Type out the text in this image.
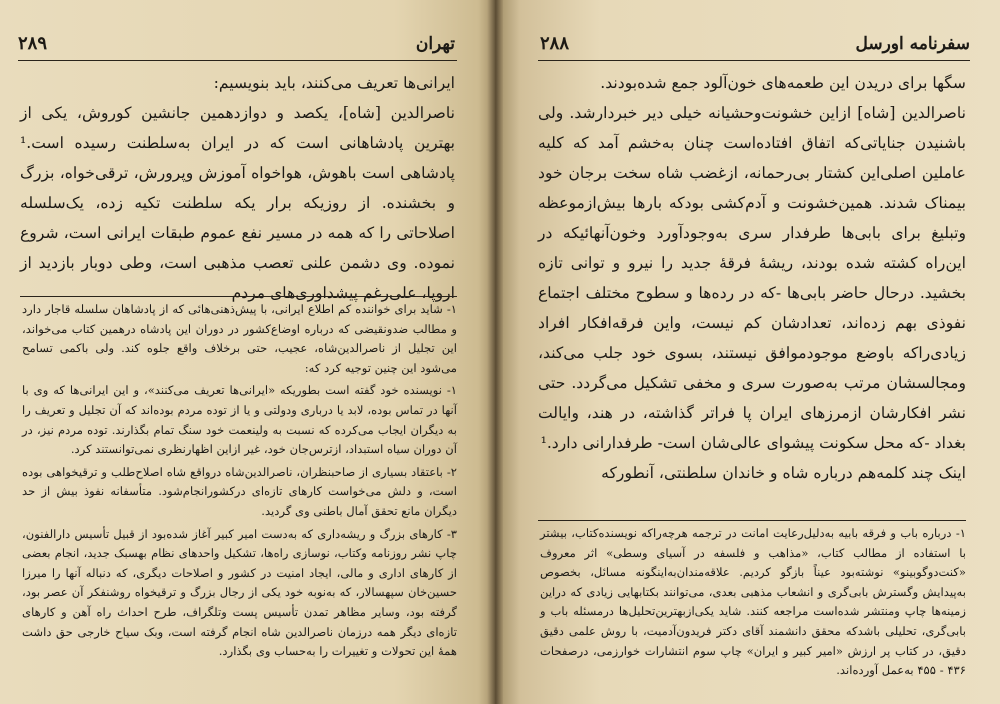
تهران
۲۸۹

ایرانی‌ها تعریف می‌کنند، باید بنویسیم:

ناصرالدین [شاه]، یکصد و دوازدهمین جانشین کوروش، یکی از بهترین پادشاهانی است که در ایران به‌سلطنت رسیده است.¹ پادشاهی است باهوش، هواخواه آموزش وپرورش، ترقی‌خواه، بزرگ و بخشنده. از روزیکه برار یکه سلطنت تکیه زده، یک‌سلسله اصلاحاتی را که همه در مسیر نفع عموم طبقات ایرانی است، شروع نموده. وی دشمن علنی تعصب مذهبی است، وطی دوبار بازدید از اروپا، علی‌رغم پیشداوری‌های مردم

۱- شاید برای خواننده کم اطلاع ایرانی، با پیش‌ذهنی‌هائی که از پادشاهان سلسله قاجار دارد و مطالب ضدونقیضی که درباره اوضاع‌کشور در دوران این پادشاه درهمین کتاب می‌خواند، این تجلیل از ناصرالدین‌شاه، عجیب، حتی برخلاف واقع جلوه کند. ولی باکمی تسامح می‌شود این چنین توجیه کرد که:

۱- نویسنده خود گفته است بطوریکه «ایرانی‌ها تعریف می‌کنند»، و این ایرانی‌ها که وی با آنها در تماس بوده، لابد یا درباری ودولتی و یا از توده مردم بوده‌اند که آن تجلیل و تعریف را به دیگران ایجاب می‌کرده که نسبت به ولینعمت خود سنگ تمام بگذارند. توده مردم نیز، در آن دوران سیاه استبداد، ازترس‌جان خود، غیر ازاین اظهارنظری نمی‌توانستند کرد.

۲- باعتقاد بسیاری از صاحبنظران، ناصرالدین‌شاه درواقع شاه اصلاح‌طلب و ترقیخواهی بوده است، و دلش می‌خواست کارهای تازه‌ای درکشورانجام‌شود. متأسفانه نفوذ بیش از حد دیگران مانع تحقق آمال باطنی وی گردید.

۳- کارهای بزرگ و ریشه‌داری که به‌دست امیر کبیر آغاز شده‌بود از قبیل تأسیس دارالفنون، چاپ نشر روزنامه وکتاب، نوسازی راه‌ها، تشکیل واحدهای نظام بهسبک جدید، انجام بعضی از کارهای اداری و مالی، ایجاد امنیت در کشور و اصلاحات دیگری، که دنباله آنها را میرزا حسین‌خان سپهسالار، که به‌نوبه خود یکی از رجال بزرگ و ترقیخواه روشنفکر آن عصر بود، گرفته بود، وسایر مظاهر تمدن تأسیس پست وتلگراف، طرح احداث راه آهن و کارهای تازه‌ای دیگر همه درزمان ناصرالدین شاه انجام گرفته است، وبک سیاح خارجی حق داشت همهٔ این تحولات و تغییرات را به‌حساب وی بگذارد.

سفرنامه اورسل
۲۸۸

سگها برای دریدن این طعمه‌های خون‌آلود جمع شده‌بودند.

ناصرالدین [شاه] ازاین خشونت‌وحشیانه خیلی دیر خبردارشد. ولی باشنیدن جنایاتی‌که اتفاق افتاده‌است چنان به‌خشم آمد که کلیه عاملین اصلی‌این کشتار بی‌رحمانه، ازغضب شاه سخت برجان خود بیمناک شدند. همین‌خشونت و آدم‌کشی بودکه بارها بیش‌ازموعظه وتبلیغ برای بابی‌ها طرفدار سری به‌وجودآورد وخون‌آنهائیکه در این‌راه کشته شده بودند، ریشهٔ فرقهٔ جدید را نیرو و توانی تازه بخشید. درحال حاضر بابی‌ها -که در رده‌ها و سطوح مختلف اجتماع نفوذی بهم زده‌اند، تعدادشان کم نیست، واین فرقه‌افکار افراد زیادی‌راکه باوضع موجودموافق نیستند، بسوی خود جلب می‌کند، ومجالسشان مرتب به‌صورت سری و مخفی تشکیل می‌گردد. حتی نشر افکارشان ازمرزهای ایران پا فراتر گذاشته، در هند، وایالت بغداد -که محل سکونت پیشوای عالی‌شان است- طرفدارانی دارد.¹

اینک چند کلمه‌هم درباره شاه و خاندان سلطنتی، آنطورکه

۱- درباره باب و فرقه بابیه به‌دلیل‌رعایت امانت در ترجمه هرچه‌راکه نویسنده‌کتاب، بیشتر با استفاده از مطالب کتاب، «مذاهب و فلسفه در آسیای وسطی» اثر معروف «کنت‌دوگوبینو» نوشته‌بود عیناً بازگو کردیم. علاقه‌مندان‌به‌اینگونه مسائل، بخصوص به‌پیدایش وگسترش بابی‌گری و انشعاب مذهبی بعدی، می‌توانند بکتابهایی زیادی که دراین زمینه‌ها چاپ ومنتشر شده‌است مراجعه کنند. شاید یکی‌ازبهترین‌تحلیل‌ها درمسئله باب و بابی‌گری، تحلیلی باشدکه محقق دانشمند آقای دکتر فریدون‌آدمیت، با روش علمی دقیق دقیق، در کتاب پر ارزش «امیر کبیر و ایران» چاپ سوم انتشارات خوارزمی، درصفحات ۴۳۶ - ۴۵۵ به‌عمل آورده‌اند.
